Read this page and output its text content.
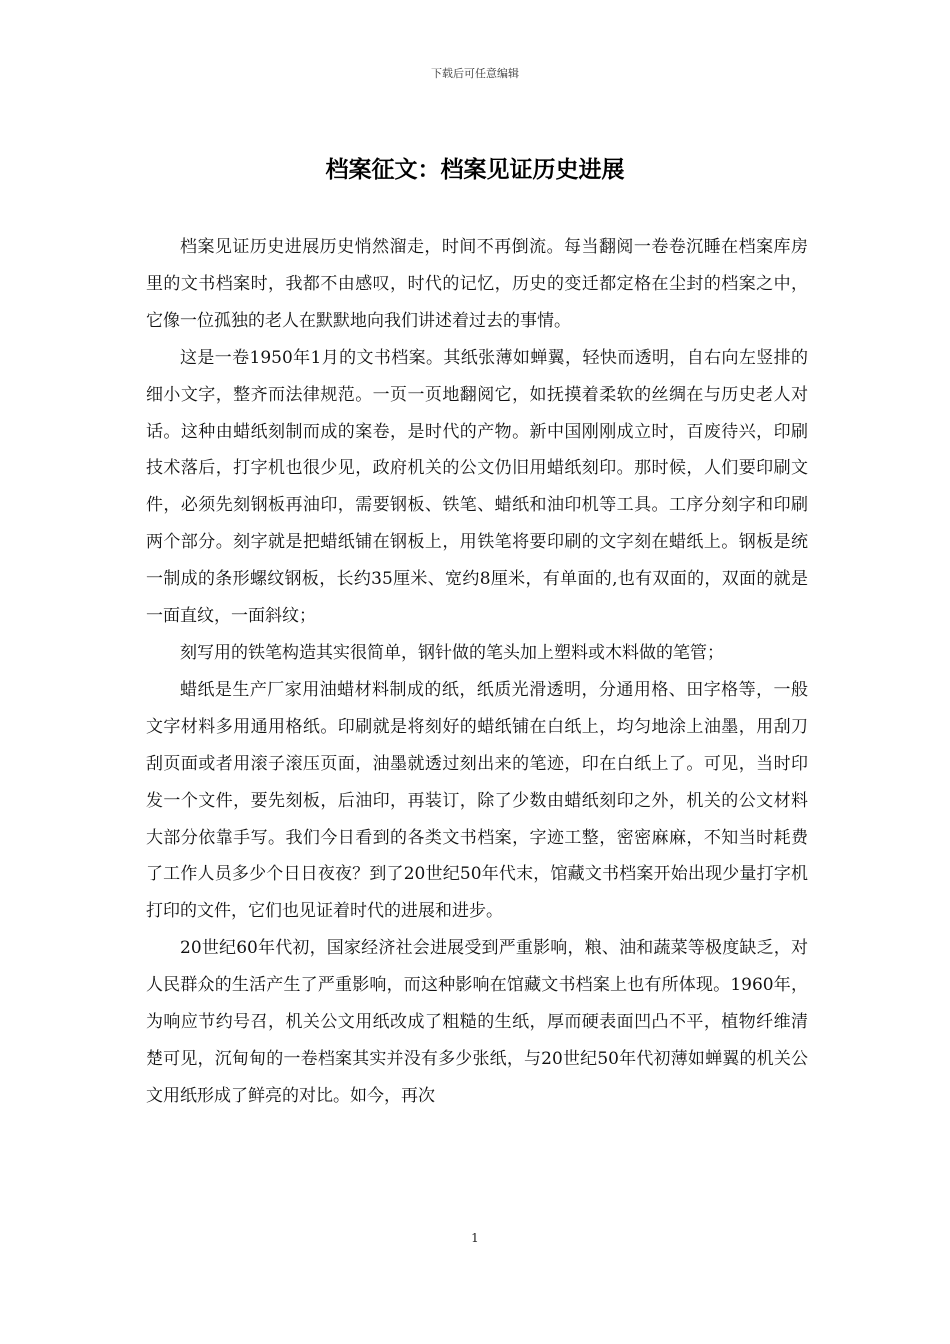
下载后可任意编辑
档案征文：档案见证历史进展

档案见证历史进展历史悄然溜走，时间不再倒流。每当翻阅一卷卷沉睡在档案库房里的文书档案时，我都不由感叹，时代的记忆，历史的变迁都定格在尘封的档案之中，它像一位孤独的老人在默默地向我们讲述着过去的事情。

这是一卷1950年1月的文书档案。其纸张薄如蝉翼，轻快而透明，自右向左竖排的细小文字，整齐而法律规范。一页一页地翻阅它，如抚摸着柔软的丝绸在与历史老人对话。这种由蜡纸刻制而成的案卷，是时代的产物。新中国刚刚成立时，百废待兴，印刷技术落后，打字机也很少见，政府机关的公文仍旧用蜡纸刻印。那时候，人们要印刷文件，必须先刻钢板再油印，需要钢板、铁笔、蜡纸和油印机等工具。工序分刻字和印刷两个部分。刻字就是把蜡纸铺在钢板上，用铁笔将要印刷的文字刻在蜡纸上。钢板是统一制成的条形螺纹钢板，长约35厘米、宽约8厘米，有单面的,也有双面的，双面的就是一面直纹，一面斜纹；

刻写用的铁笔构造其实很简单，钢针做的笔头加上塑料或木料做的笔管；

蜡纸是生产厂家用油蜡材料制成的纸，纸质光滑透明，分通用格、田字格等，一般文字材料多用通用格纸。印刷就是将刻好的蜡纸铺在白纸上，均匀地涂上油墨，用刮刀刮页面或者用滚子滚压页面，油墨就透过刻出来的笔迹，印在白纸上了。可见，当时印发一个文件，要先刻板，后油印，再装订，除了少数由蜡纸刻印之外，机关的公文材料大部分依靠手写。我们今日看到的各类文书档案，字迹工整，密密麻麻，不知当时耗费了工作人员多少个日日夜夜？到了20世纪50年代末，馆藏文书档案开始出现少量打字机打印的文件，它们也见证着时代的进展和进步。

20世纪60年代初，国家经济社会进展受到严重影响，粮、油和蔬菜等极度缺乏，对人民群众的生活产生了严重影响，而这种影响在馆藏文书档案上也有所体现。1960年，为响应节约号召，机关公文用纸改成了粗糙的生纸，厚而硬表面凹凸不平，植物纤维清楚可见，沉甸甸的一卷档案其实并没有多少张纸，与20世纪50年代初薄如蝉翼的机关公文用纸形成了鲜亮的对比。如今，再次

1
